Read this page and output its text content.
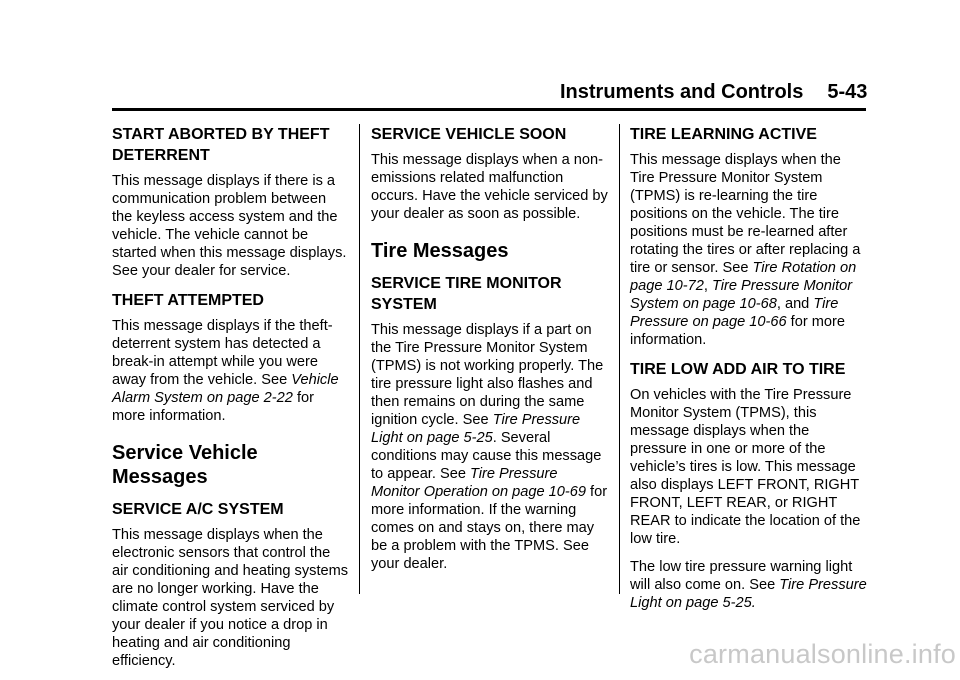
Instruments and Controls 5-43
START ABORTED BY THEFT DETERRENT

This message displays if there is a communication problem between the keyless access system and the vehicle. The vehicle cannot be started when this message displays. See your dealer for service.

THEFT ATTEMPTED

This message displays if the theft-deterrent system has detected a break-in attempt while you were away from the vehicle. See Vehicle Alarm System on page 2-22 for more information.

Service Vehicle Messages
SERVICE A/C SYSTEM

This message displays when the electronic sensors that control the air conditioning and heating systems are no longer working. Have the climate control system serviced by your dealer if you notice a drop in heating and air conditioning efficiency.

SERVICE VEHICLE SOON

This message displays when a non-emissions related malfunction occurs. Have the vehicle serviced by your dealer as soon as possible.

Tire Messages
SERVICE TIRE MONITOR SYSTEM

This message displays if a part on the Tire Pressure Monitor System (TPMS) is not working properly. The tire pressure light also flashes and then remains on during the same ignition cycle. See Tire Pressure Light on page 5-25. Several conditions may cause this message to appear. See Tire Pressure Monitor Operation on page 10-69 for more information. If the warning comes on and stays on, there may be a problem with the TPMS. See your dealer.

TIRE LEARNING ACTIVE

This message displays when the Tire Pressure Monitor System (TPMS) is re-learning the tire positions on the vehicle. The tire positions must be re-learned after rotating the tires or after replacing a tire or sensor. See Tire Rotation on page 10-72, Tire Pressure Monitor System on page 10-68, and Tire Pressure on page 10-66 for more information.

TIRE LOW ADD AIR TO TIRE

On vehicles with the Tire Pressure Monitor System (TPMS), this message displays when the pressure in one or more of the vehicle’s tires is low. This message also displays LEFT FRONT, RIGHT FRONT, LEFT REAR, or RIGHT REAR to indicate the location of the low tire.

The low tire pressure warning light will also come on. See Tire Pressure Light on page 5-25.

carmanualsonline.info
